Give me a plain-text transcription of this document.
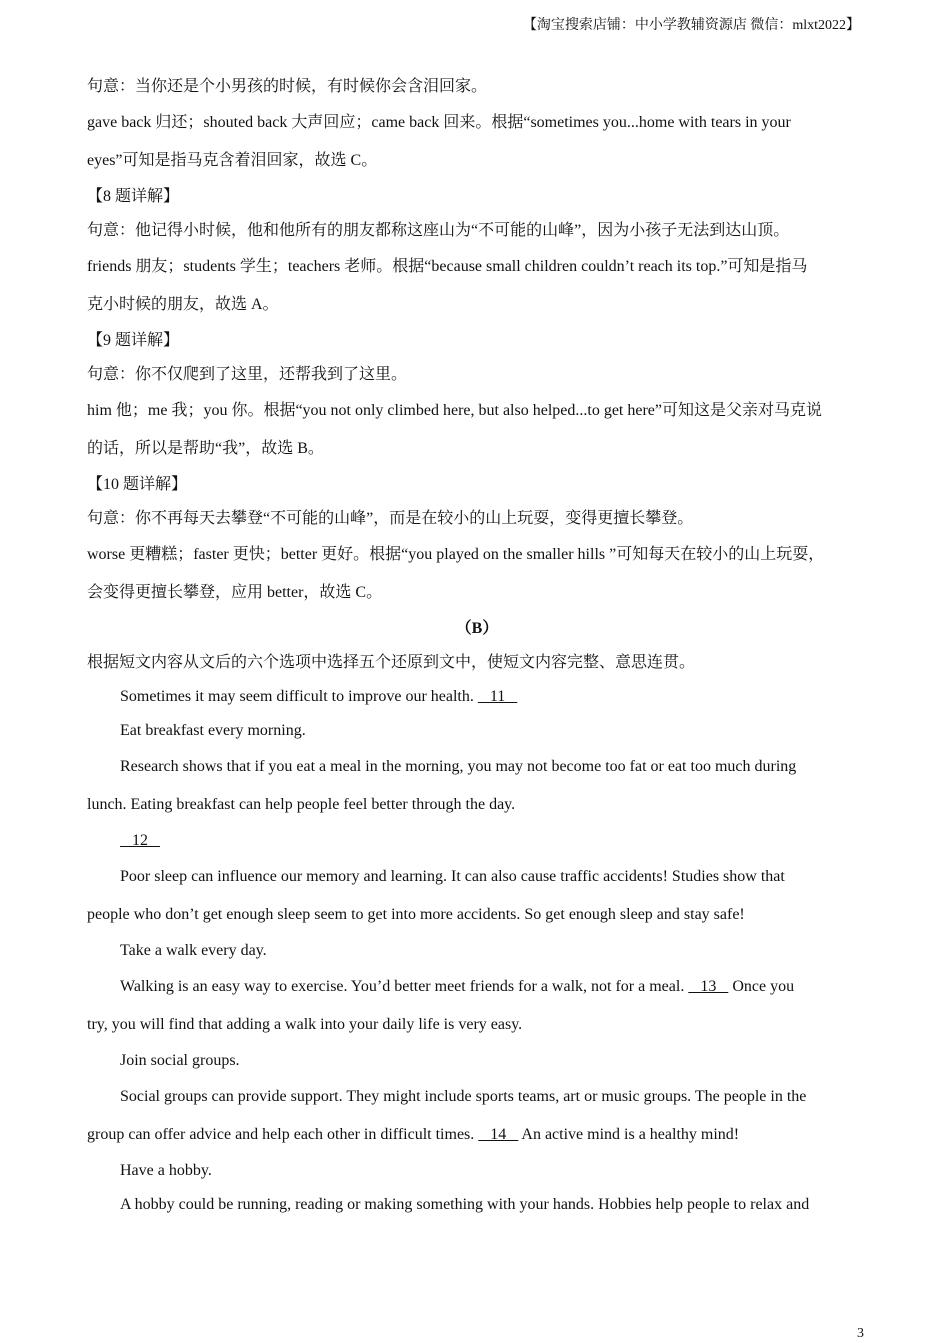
【淘宝搜索店铺：中小学教辅资源店 微信：mlxt2022】

句意：当你还是个小男孩的时候，有时候你会含泪回家。

gave back 归还；shouted back 大声回应；came back 回来。根据“sometimes you...home with tears in your

eyes”可知是指马克含着泪回家，故选 C。

【8 题详解】

句意：他记得小时候，他和他所有的朋友都称这座山为“不可能的山峰”，因为小孩子无法到达山顶。

friends 朋友；students 学生；teachers 老师。根据“because small children couldn’t reach its top.”可知是指马

克小时候的朋友，故选 A。

【9 题详解】

句意：你不仅爬到了这里，还帮我到了这里。

him 他；me 我；you 你。根据“you not only climbed here, but also helped...to get here”可知这是父亲对马克说

的话，所以是帮助“我”，故选 B。

【10 题详解】

句意：你不再每天去攀登“不可能的山峰”，而是在较小的山上玩耍，变得更擅长攀登。

worse 更糟糕；faster 更快；better 更好。根据“you played on the smaller hills ”可知每天在较小的山上玩耍，

会变得更擅长攀登，应用 better，故选 C。

（B）

根据短文内容从文后的六个选项中选择五个还原到文中，使短文内容完整、意思连贯。

Sometimes it may seem difficult to improve our health.    11

Eat breakfast every morning.

Research shows that if you eat a meal in the morning, you may not become too fat or eat too much during

lunch. Eating breakfast can help people feel better through the day.

12

Poor sleep can influence our memory and learning. It can also cause traffic accidents! Studies show that

people who don’t get enough sleep seem to get into more accidents. So get enough sleep and stay safe!

Take a walk every day.

Walking is an easy way to exercise. You’d better meet friends for a walk, not for a meal.    13    Once you

try, you will find that adding a walk into your daily life is very easy.

Join social groups.

Social groups can provide support. They might include sports teams, art or music groups. The people in the

group can offer advice and help each other in difficult times.    14    An active mind is a healthy mind!

Have a hobby.

A hobby could be running, reading or making something with your hands. Hobbies help people to relax and

3
